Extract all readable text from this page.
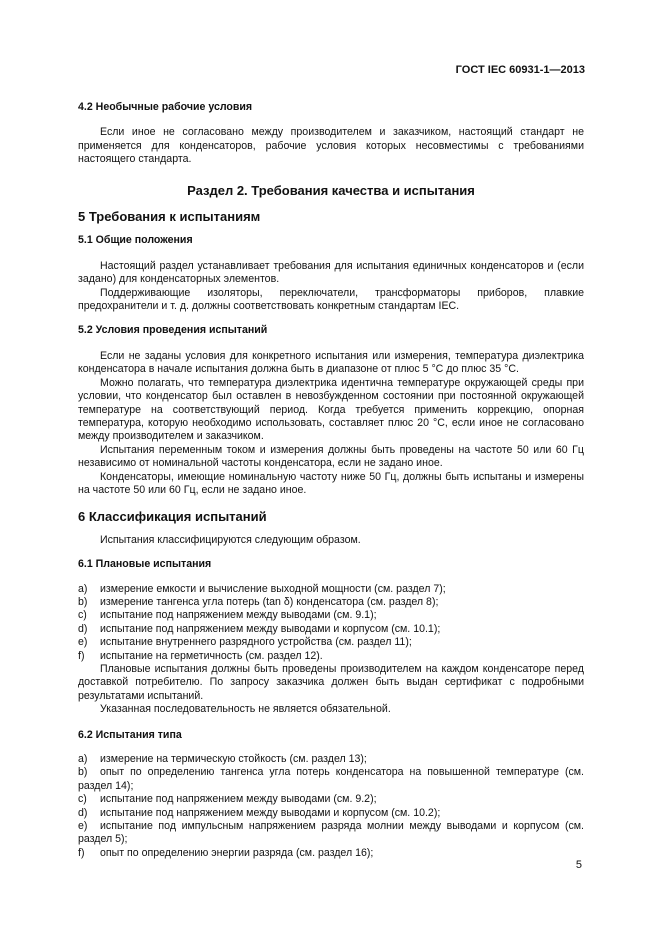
ГОСТ IEC 60931-1—2013
4.2 Необычные рабочие условия

Если иное не согласовано между производителем и заказчиком, настоящий стандарт не применяется для конденсаторов, рабочие условия которых несовместимы с требованиями настоящего стандарта.

Раздел 2. Требования качества и испытания
5 Требования к испытаниям
5.1 Общие положения

Настоящий раздел устанавливает требования для испытания единичных конденсаторов и (если задано) для конденсаторных элементов.

Поддерживающие изоляторы, переключатели, трансформаторы приборов, плавкие предохранители и т. д. должны соответствовать конкретным стандартам IEC.

5.2 Условия проведения испытаний

Если не заданы условия для конкретного испытания или измерения, температура диэлектрика конденсатора в начале испытания должна быть в диапазоне от плюс 5 °С до плюс 35 °С.

Можно полагать, что температура диэлектрика идентична температуре окружающей среды при условии, что конденсатор был оставлен в невозбужденном состоянии при постоянной окружающей температуре на соответствующий период. Когда требуется применить коррекцию, опорная температура, которую необходимо использовать, составляет плюс 20 °С, если иное не согласовано между производителем и заказчиком.

Испытания переменным током и измерения должны быть проведены на частоте 50 или 60 Гц независимо от номинальной частоты конденсатора, если не задано иное.

Конденсаторы, имеющие номинальную частоту ниже 50 Гц, должны быть испытаны и измерены на частоте 50 или 60 Гц, если не задано иное.

6 Классификация испытаний

Испытания классифицируются следующим образом.

6.1 Плановые испытания
a)	измерение емкости и вычисление выходной мощности (см. раздел 7);
b)	измерение тангенса угла потерь (tan δ) конденсатора (см. раздел 8);
c)	испытание под напряжением между выводами (см. 9.1);
d)	испытание под напряжением между выводами и корпусом (см. 10.1);
e)	испытание внутреннего разрядного устройства (см. раздел 11);
f)	испытание на герметичность (см. раздел 12).

Плановые испытания должны быть проведены производителем на каждом конденсаторе перед доставкой потребителю. По запросу заказчика должен быть выдан сертификат с подробными результатами испытаний.

Указанная последовательность не является обязательной.

6.2 Испытания типа
a)	измерение на термическую стойкость (см. раздел 13);

b) опыт по определению тангенса угла потерь конденсатора на повышенной температуре (см. раздел 14);

c)	испытание под напряжением между выводами (см. 9.2);
d)	испытание под напряжением между выводами и корпусом (см. 10.2);

e) испытание под импульсным напряжением разряда молнии между выводами и корпусом (см. раздел 5);

f)	опыт по определению энергии разряда (см. раздел 16);
5
